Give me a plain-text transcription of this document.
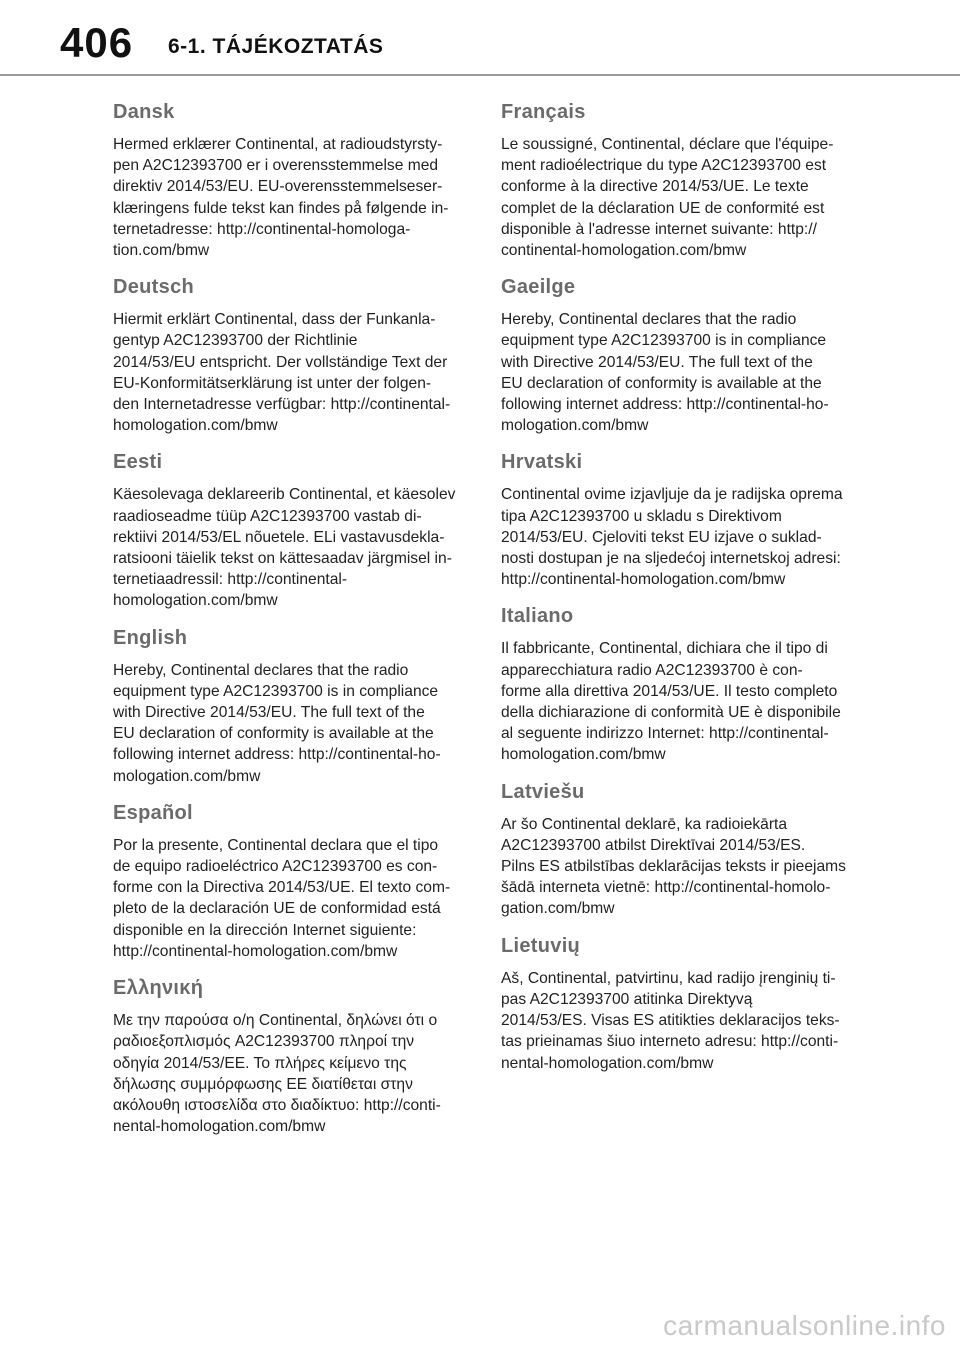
406 6-1. TÁJÉKOZTATÁS
Dansk

Hermed erklærer Continental, at radioudstyrsty-
pen A2C12393700 er i overensstemmelse med
direktiv 2014/53/EU. EU-overensstemmelseser-
klæringens fulde tekst kan findes på følgende in-
ternetadresse: http://continental-homologa-
tion.com/bmw

Deutsch

Hiermit erklärt Continental, dass der Funkanla-
gentyp A2C12393700 der Richtlinie
2014/53/EU entspricht. Der vollständige Text der
EU-Konformitätserklärung ist unter der folgen-
den Internetadresse verfügbar: http://continental-
homologation.com/bmw

Eesti

Käesolevaga deklareerib Continental, et käesolev
raadioseadme tüüp A2C12393700 vastab di-
rektiivi 2014/53/EL nõuetele. ELi vastavusdekla-
ratsiooni täielik tekst on kättesaadav järgmisel in-
ternetiaadressil: http://continental-
homologation.com/bmw

English

Hereby, Continental declares that the radio
equipment type A2C12393700 is in compliance
with Directive 2014/53/EU. The full text of the
EU declaration of conformity is available at the
following internet address: http://continental-ho-
mologation.com/bmw

Español

Por la presente, Continental declara que el tipo
de equipo radioeléctrico A2C12393700 es con-
forme con la Directiva 2014/53/UE. El texto com-
pleto de la declaración UE de conformidad está
disponible en la dirección Internet siguiente:
http://continental-homologation.com/bmw

Ελληνική

Με την παρούσα ο/η Continental, δηλώνει ότι ο
ραδιοεξοπλισμός A2C12393700 πληροί την
οδηγία 2014/53/ΕΕ. Το πλήρες κείμενο της
δήλωσης συμμόρφωσης ΕΕ διατίθεται στην
ακόλουθη ιστοσελίδα στο διαδίκτυο: http://conti-
nental-homologation.com/bmw

Français

Le soussigné, Continental, déclare que l'équipe-
ment radioélectrique du type A2C12393700 est
conforme à la directive 2014/53/UE. Le texte
complet de la déclaration UE de conformité est
disponible à l'adresse internet suivante: http://
continental-homologation.com/bmw

Gaeilge

Hereby, Continental declares that the radio
equipment type A2C12393700 is in compliance
with Directive 2014/53/EU. The full text of the
EU declaration of conformity is available at the
following internet address: http://continental-ho-
mologation.com/bmw

Hrvatski

Continental ovime izjavljuje da je radijska oprema
tipa A2C12393700 u skladu s Direktivom
2014/53/EU. Cjeloviti tekst EU izjave o suklad-
nosti dostupan je na sljedećoj internetskoj adresi:
http://continental-homologation.com/bmw

Italiano

Il fabbricante, Continental, dichiara che il tipo di
apparecchiatura radio A2C12393700 è con-
forme alla direttiva 2014/53/UE. Il testo completo
della dichiarazione di conformità UE è disponibile
al seguente indirizzo Internet: http://continental-
homologation.com/bmw

Latviešu

Ar šo Continental deklarē, ka radioiekārta
A2C12393700 atbilst Direktīvai 2014/53/ES.
Pilns ES atbilstības deklarācijas teksts ir pieejams
šādā interneta vietnē: http://continental-homolo-
gation.com/bmw

Lietuvių

Aš, Continental, patvirtinu, kad radijo įrenginių ti-
pas A2C12393700 atitinka Direktyvą
2014/53/ES. Visas ES atitikties deklaracijos teks-
tas prieinamas šiuo interneto adresu: http://conti-
nental-homologation.com/bmw

carmanualsonline.info
